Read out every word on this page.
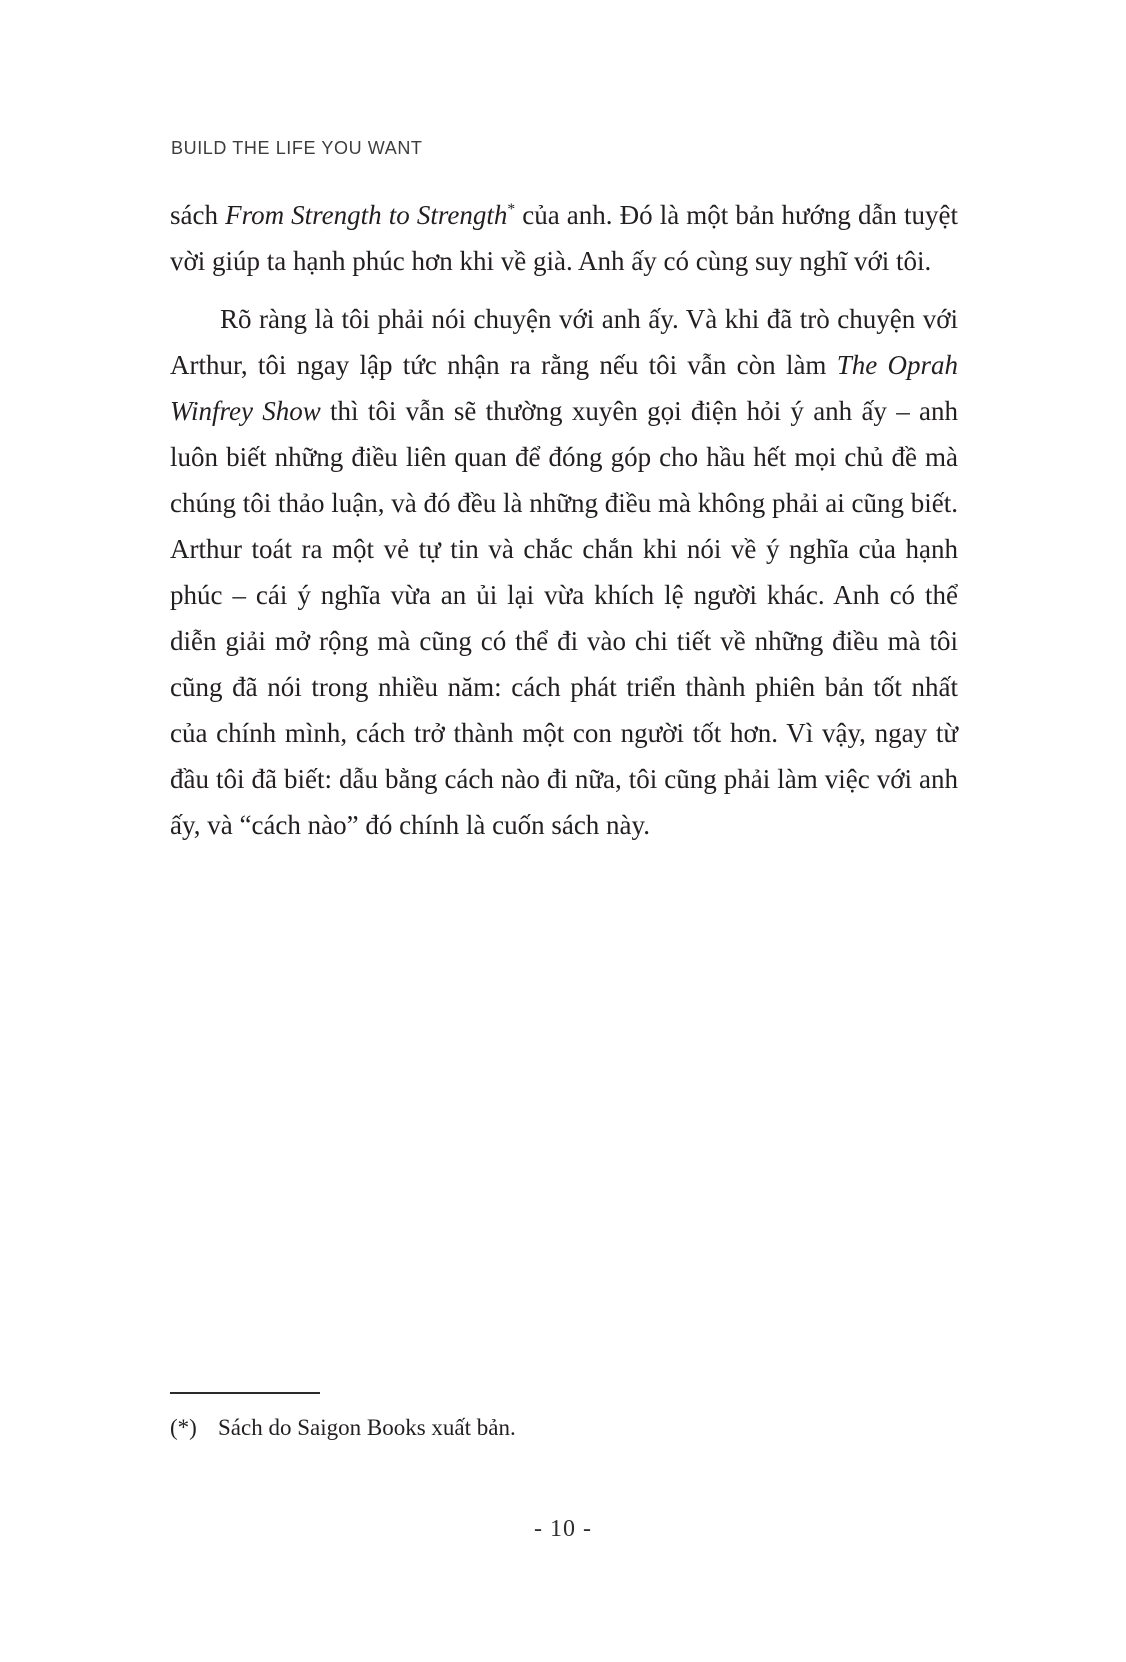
BUILD THE LIFE YOU WANT

sách From Strength to Strength* của anh. Đó là một bản hướng dẫn tuyệt vời giúp ta hạnh phúc hơn khi về già. Anh ấy có cùng suy nghĩ với tôi.

Rõ ràng là tôi phải nói chuyện với anh ấy. Và khi đã trò chuyện với Arthur, tôi ngay lập tức nhận ra rằng nếu tôi vẫn còn làm The Oprah Winfrey Show thì tôi vẫn sẽ thường xuyên gọi điện hỏi ý anh ấy – anh luôn biết những điều liên quan để đóng góp cho hầu hết mọi chủ đề mà chúng tôi thảo luận, và đó đều là những điều mà không phải ai cũng biết. Arthur toát ra một vẻ tự tin và chắc chắn khi nói về ý nghĩa của hạnh phúc – cái ý nghĩa vừa an ủi lại vừa khích lệ người khác. Anh có thể diễn giải mở rộng mà cũng có thể đi vào chi tiết về những điều mà tôi cũng đã nói trong nhiều năm: cách phát triển thành phiên bản tốt nhất của chính mình, cách trở thành một con người tốt hơn. Vì vậy, ngay từ đầu tôi đã biết: dẫu bằng cách nào đi nữa, tôi cũng phải làm việc với anh ấy, và “cách nào” đó chính là cuốn sách này.

(*) Sách do Saigon Books xuất bản.
- 10 -
